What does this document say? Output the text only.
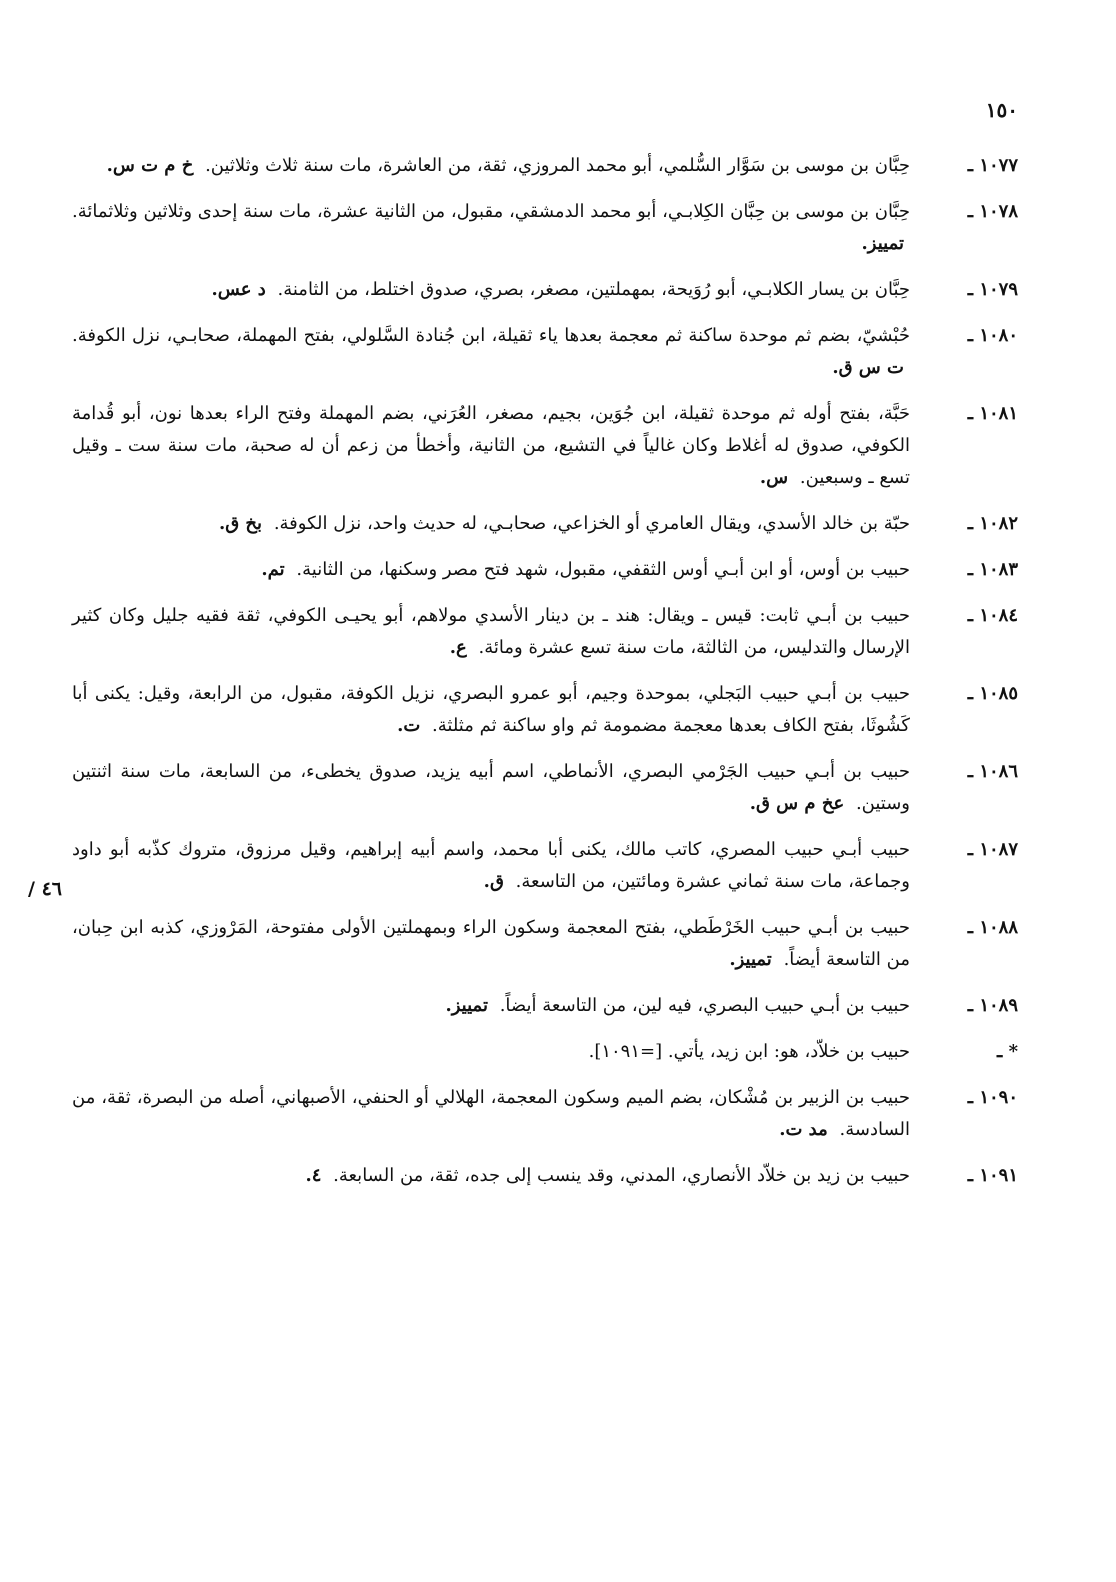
١٥٠
٤٦ /
١٠٧٧ ـ
حِبَّان بن موسى بن سَوَّار السُّلمي، أبو محمد المروزي، ثقة، من العاشرة، مات سنة ثلاث وثلاثين. خ م ت س.
١٠٧٨ ـ
حِبَّان بن موسى بن حِبَّان الكِلابـي، أبو محمد الدمشقي، مقبول، من الثانية عشرة، مات سنة إحدى وثلاثين وثلاثمائة. تمييز.
١٠٧٩ ـ
حِبَّان بن يسار الكلابـي، أبو رُوَيحة، بمهملتين، مصغر، بصري، صدوق اختلط، من الثامنة. د عس.
١٠٨٠ ـ
حُبْشيّ، بضم ثم موحدة ساكنة ثم معجمة بعدها ياء ثقيلة، ابن جُنادة السَّلولي، بفتح المهملة، صحابـي، نزل الكوفة. ت س ق.
١٠٨١ ـ
حَبَّة، بفتح أوله ثم موحدة ثقيلة، ابن جُوَين، بجيم، مصغر، العُرَني، بضم المهملة وفتح الراء بعدها نون، أبو قُدامة الكوفي، صدوق له أغلاط وكان غالياً في التشيع، من الثانية، وأخطأ من زعم أن له صحبة، مات سنة ست ـ وقيل تسع ـ وسبعين. س.
١٠٨٢ ـ
حبّة بن خالد الأسدي، ويقال العامري أو الخزاعي، صحابـي، له حديث واحد، نزل الكوفة. بخ ق.
١٠٨٣ ـ
حبيب بن أوس، أو ابن أبـي أوس الثقفي، مقبول، شهد فتح مصر وسكنها، من الثانية. تم.
١٠٨٤ ـ
حبيب بن أبـي ثابت: قيس ـ ويقال: هند ـ بن دينار الأسدي مولاهم، أبو يحيـى الكوفي، ثقة فقيه جليل وكان كثير الإرسال والتدليس، من الثالثة، مات سنة تسع عشرة ومائة. ع.
١٠٨٥ ـ
حبيب بن أبـي حبيب البَجلي، بموحدة وجيم، أبو عمرو البصري، نزيل الكوفة، مقبول، من الرابعة، وقيل: يكنى أبا كَشُوثَا، بفتح الكاف بعدها معجمة مضمومة ثم واو ساكنة ثم مثلثة. ت.
١٠٨٦ ـ
حبيب بن أبـي حبيب الجَرْمي البصري، الأنماطي، اسم أبيه يزيد، صدوق يخطىء، من السابعة، مات سنة اثنتين وستين. عخ م س ق.
١٠٨٧ ـ
حبيب أبـي حبيب المصري، كاتب مالك، يكنى أبا محمد، واسم أبيه إبراهيم، وقيل مرزوق، متروك كذّبه أبو داود وجماعة، مات سنة ثماني عشرة ومائتين، من التاسعة. ق.
١٠٨٨ ـ
حبيب بن أبـي حبيب الخَرْطَطي، بفتح المعجمة وسكون الراء وبمهملتين الأولى مفتوحة، المَرْوزي، كذبه ابن حِبان، من التاسعة أيضاً. تمييز.
١٠٨٩ ـ
حبيب بن أبـي حبيب البصري، فيه لين، من التاسعة أيضاً. تمييز.
* ـ
حبيب بن خلاّد، هو: ابن زيد، يأتي. [=١٠٩١].
١٠٩٠ ـ
حبيب بن الزبير بن مُشْكان، بضم الميم وسكون المعجمة، الهلالي أو الحنفي، الأصبهاني، أصله من البصرة، ثقة، من السادسة. مد ت.
١٠٩١ ـ
حبيب بن زيد بن خلاّد الأنصاري، المدني، وقد ينسب إلى جده، ثقة، من السابعة. ٤.
